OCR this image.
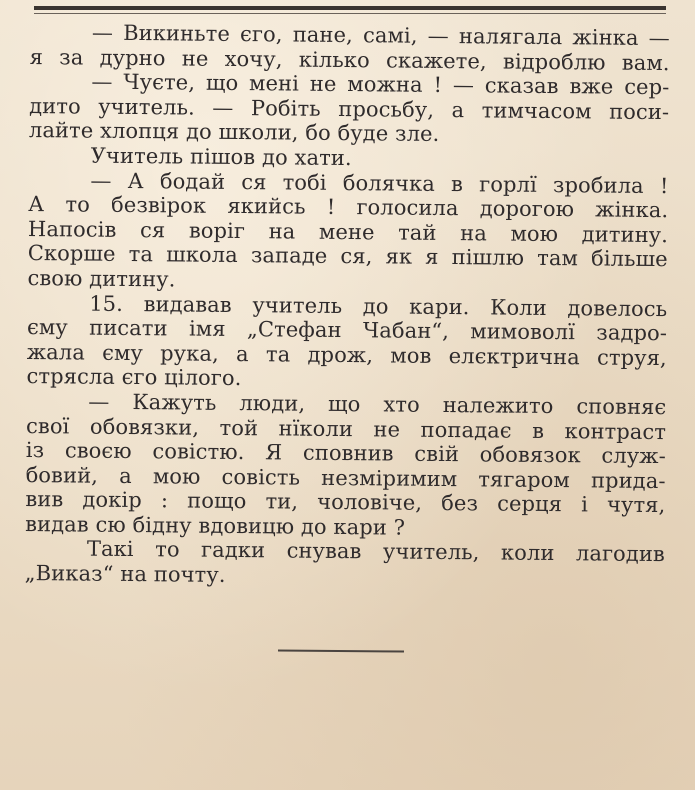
— Викиньте єго, пане, самі, — налягала жінка —
я за дурно не хочу, кілько скажете, відроблю вам.
— Чуєте, що мені не можна ! — сказав вже сер-
дито учитель. — Робіть просьбу, а тимчасом поси-
лайте хлопця до школи, бо буде зле.
Учитель пішов до хати.
— А бодай ся тобі болячка в горлї зробила !
А то безвірок якийсь ! голосила дорогою жінка.
Напосів ся ворiг на мене тай на мою дитину.
Скорше та школа западе ся, як я пішлю там більше
свою дитину.
15. видавав учитель до кари. Коли довелось
єму писати імя „Стефан Чабан“, мимоволї задро-
жала єму рука, а та дрож, мов елєктрична струя,
стрясла єго цілого.
— Кажуть люди, що хто належито сповняє
свої обовязки, той нїколи не попадає в контраст
із своєю совістю. Я сповнив свій обовязок служ-
бовий, а мою совість незміримим тягаром прида-
вив докір : пощо ти, чоловіче, без серця і чутя,
видав сю бідну вдовицю до кари ?
Такі то гадки снував учитель, коли лагодив
„Виказ“ на почту.
